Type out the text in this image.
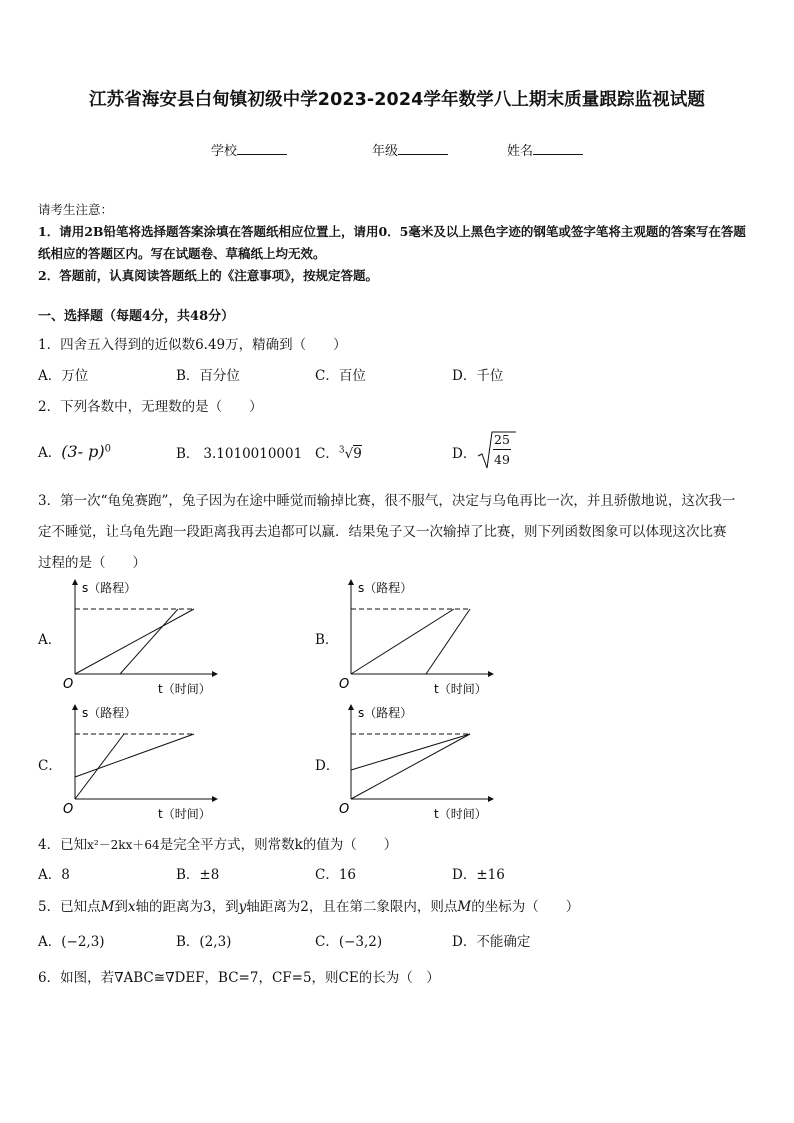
江苏省海安县白甸镇初级中学2023-2024学年数学八上期末质量跟踪监视试题
学校	年级	姓名
请考生注意：
1．请用2B铅笔将选择题答案涂填在答题纸相应位置上，请用0．5毫米及以上黑色字迹的钢笔或签字笔将主观题的答案写在答题纸相应的答题区内。写在试题卷、草稿纸上均无效。
2．答题前，认真阅读答题纸上的《注意事项》，按规定答题。
一、选择题（每题4分，共48分）
1．四舍五入得到的近似数6.49万，精确到（　　）
A．万位	B．百分位	C．百位	D．千位
2．下列各数中，无理数的是（　　）
A．(3- p)$^0$	B． 3.1010010001 C．$^3$√9	D．
25
49
3．第一次“龟兔赛跑”，兔子因为在途中睡觉而输掉比赛，很不服气，决定与乌龟再比一次，并且骄傲地说，这次我一
定不睡觉，让乌龟先跑一段距离我再去追都可以赢．结果兔子又一次输掉了比赛，则下列函数图象可以体现这次比赛
过程的是（　　）
A．	B．
C．	D．
s（路程）
t（时间）
O
s（路程）
t（时间）
O
s（路程）
t（时间）
O
s（路程）
t（时间）
O
4．已知x²－2kx＋64是完全平方式，则常数k的值为（　　）
A．8	B．±8	C．16	D．±16
5．已知点M到x轴的距离为3，到y轴距离为2，且在第二象限内，则点M的坐标为（　　）
A．(−2,3)	B．(2,3)	C．(−3,2)	D．不能确定
6．如图，若∇ABC≅∇DEF，BC=7，CF=5，则CE的长为（　）
